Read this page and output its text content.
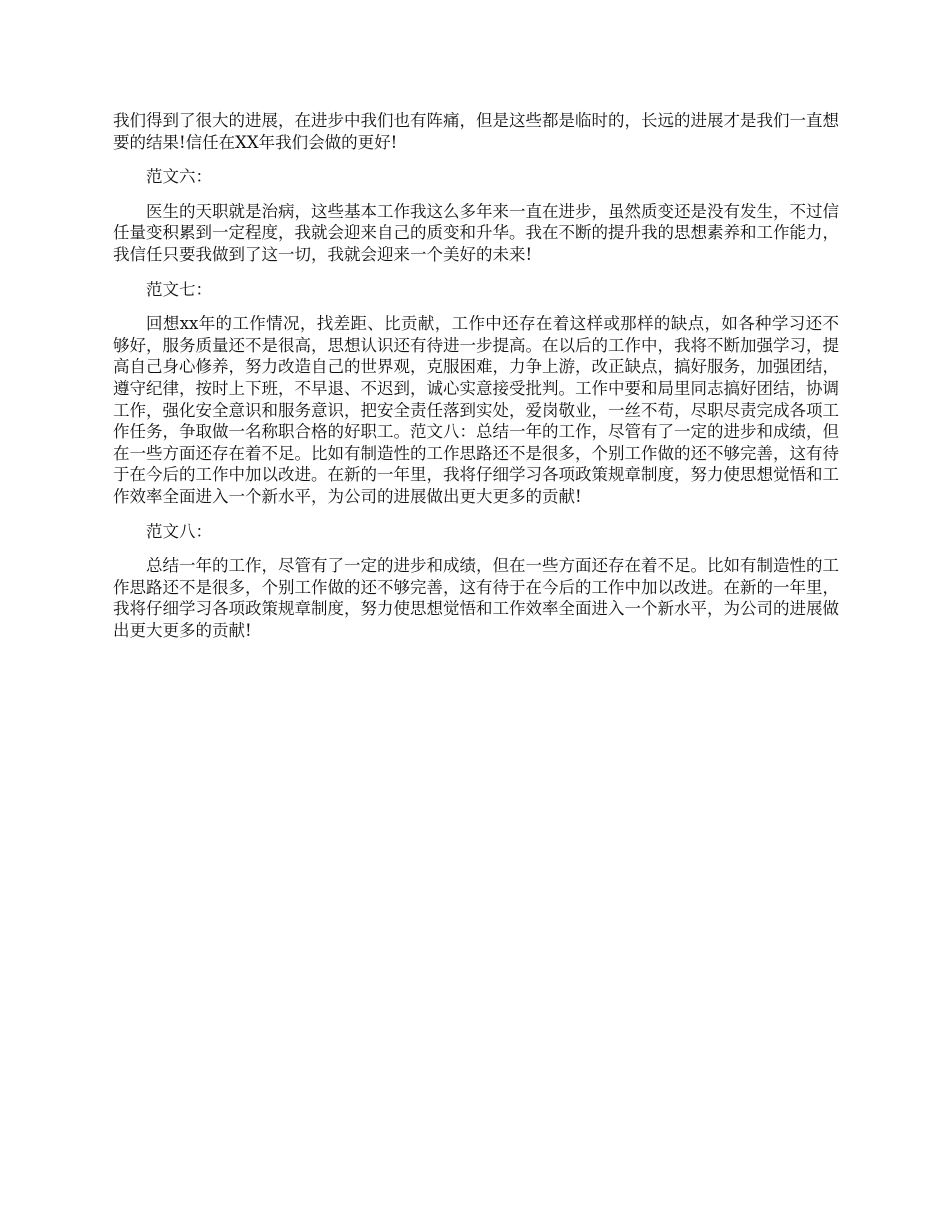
我们得到了很大的进展，在进步中我们也有阵痛，但是这些都是临时的，长远的进展才是我们一直想要的结果!信任在XX年我们会做的更好!

范文六：

医生的天职就是治病，这些基本工作我这么多年来一直在进步，虽然质变还是没有发生，不过信任量变积累到一定程度，我就会迎来自己的质变和升华。我在不断的提升我的思想素养和工作能力，我信任只要我做到了这一切，我就会迎来一个美好的未来!

范文七：

回想xx年的工作情况，找差距、比贡献，工作中还存在着这样或那样的缺点，如各种学习还不够好，服务质量还不是很高，思想认识还有待进一步提高。在以后的工作中，我将不断加强学习，提高自己身心修养，努力改造自己的世界观，克服困难，力争上游，改正缺点，搞好服务，加强团结，遵守纪律，按时上下班，不早退、不迟到，诚心实意接受批判。工作中要和局里同志搞好团结，协调工作，强化安全意识和服务意识，把安全责任落到实处，爱岗敬业，一丝不苟，尽职尽责完成各项工作任务，争取做一名称职合格的好职工。范文八：总结一年的工作，尽管有了一定的进步和成绩，但在一些方面还存在着不足。比如有制造性的工作思路还不是很多，个别工作做的还不够完善，这有待于在今后的工作中加以改进。在新的一年里，我将仔细学习各项政策规章制度，努力使思想觉悟和工作效率全面进入一个新水平，为公司的进展做出更大更多的贡献!

范文八：

总结一年的工作，尽管有了一定的进步和成绩，但在一些方面还存在着不足。比如有制造性的工作思路还不是很多，个别工作做的还不够完善，这有待于在今后的工作中加以改进。在新的一年里，我将仔细学习各项政策规章制度，努力使思想觉悟和工作效率全面进入一个新水平，为公司的进展做出更大更多的贡献!
